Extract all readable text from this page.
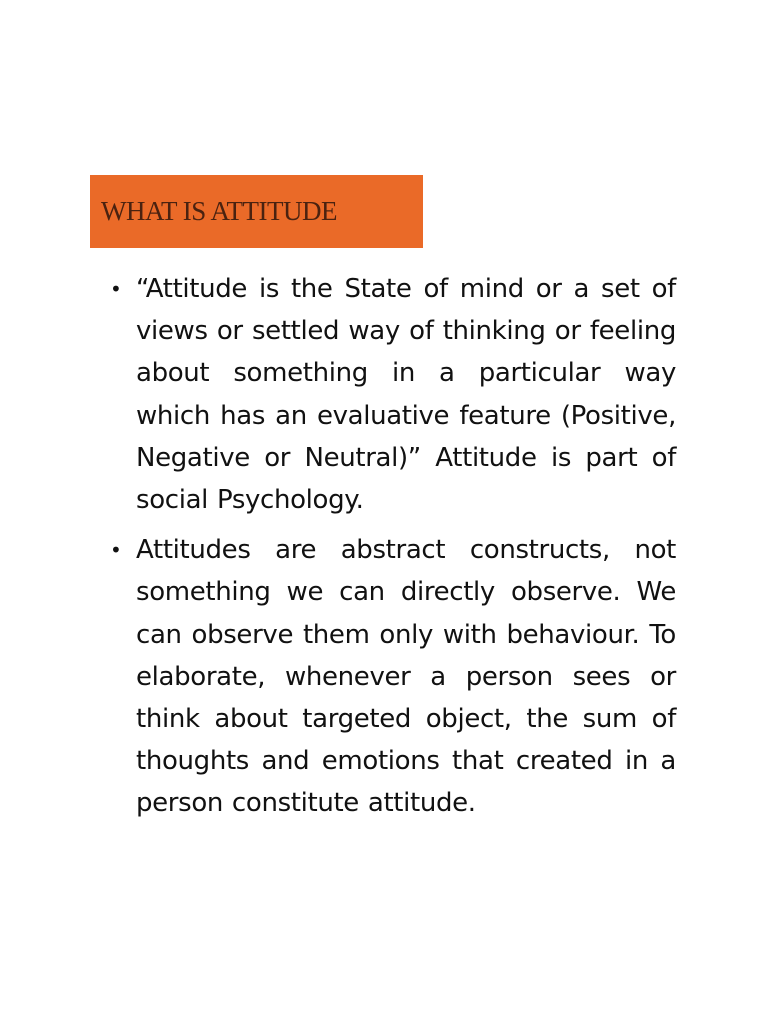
WHAT IS ATTITUDE
• “Attitude is the State of mind or a set of views or settled way of thinking or feeling about something in a particular way which has an evaluative feature (Positive, Negative or Neutral)” Attitude is part of social Psychology.
• Attitudes are abstract constructs, not something we can directly observe. We can observe them only with behaviour. To elaborate, whenever a person sees or think about targeted object, the sum of thoughts and emotions that created in a person constitute attitude.
